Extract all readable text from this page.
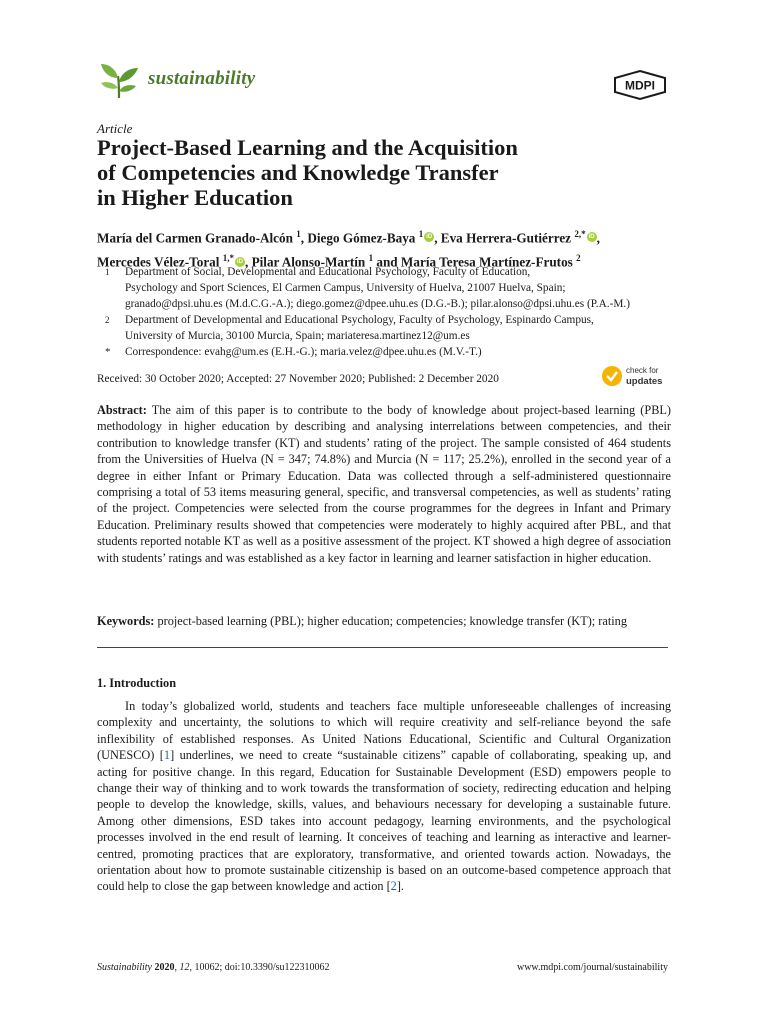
sustainability	MDPI
Article
Project-Based Learning and the Acquisition
of Competencies and Knowledge Transfer
in Higher Education
María del Carmen Granado-Alcón $^1$, Diego Gómez-Baya $^1$ iD , Eva Herrera-Gutiérrez $^{2,*}$ iD ,
Mercedes Vélez-Toral $^{1,*}$ iD , Pilar Alonso-Martín $^1$ and María Teresa Martínez-Frutos $^2$
1	Department of Social, Developmental and Educational Psychology, Faculty of Education,
Psychology and Sport Sciences, El Carmen Campus, University of Huelva, 21007 Huelva, Spain;
granado@dpsi.uhu.es (M.d.C.G.-A.); diego.gomez@dpee.uhu.es (D.G.-B.); pilar.alonso@dpsi.uhu.es (P.A.-M.)
2	Department of Developmental and Educational Psychology, Faculty of Psychology, Espinardo Campus,
University of Murcia, 30100 Murcia, Spain; mariateresa.martinez12@um.es
*	Correspondence: evahg@um.es (E.H.-G.); maria.velez@dpee.uhu.es (M.V.-T.)
Received: 30 October 2020; Accepted: 27 November 2020; Published: 2 December 2020
check for
updates
Abstract: The aim of this paper is to contribute to the body of knowledge about project-based learning (PBL) methodology in higher education by describing and analysing interrelations between competencies, and their contribution to knowledge transfer (KT) and students’ rating of the project. The sample consisted of 464 students from the Universities of Huelva (N = 347; 74.8%) and Murcia (N = 117; 25.2%), enrolled in the second year of a degree in either Infant or Primary Education. Data was collected through a self-administered questionnaire comprising a total of 53 items measuring general, specific, and transversal competencies, as well as students’ rating of the project. Competencies were selected from the course programmes for the degrees in Infant and Primary Education. Preliminary results showed that competencies were moderately to highly acquired after PBL, and that students reported notable KT as well as a positive assessment of the project. KT showed a high degree of association with students’ ratings and was established as a key factor in learning and learner satisfaction in higher education.
Keywords: project-based learning (PBL); higher education; competencies; knowledge transfer (KT); rating
1. Introduction

In today’s globalized world, students and teachers face multiple unforeseeable challenges of increasing complexity and uncertainty, the solutions to which will require creativity and self-reliance beyond the safe inflexibility of established responses. As United Nations Educational, Scientific and Cultural Organization (UNESCO) [1] underlines, we need to create “sustainable citizens” capable of collaborating, speaking up, and acting for positive change. In this regard, Education for Sustainable Development (ESD) empowers people to change their way of thinking and to work towards the transformation of society, redirecting education and helping people to develop the knowledge, skills, values, and behaviours necessary for developing a sustainable future. Among other dimensions, ESD takes into account pedagogy, learning environments, and the psychological processes involved in the end result of learning. It conceives of teaching and learning as interactive and learner-centred, promoting practices that are exploratory, transformative, and oriented towards action. Nowadays, the orientation about how to promote sustainable citizenship is based on an outcome-based competence approach that could help to close the gap between knowledge and action [2].

Sustainability 2020, 12, 10062; doi:10.3390/su122310062	www.mdpi.com/journal/sustainability
